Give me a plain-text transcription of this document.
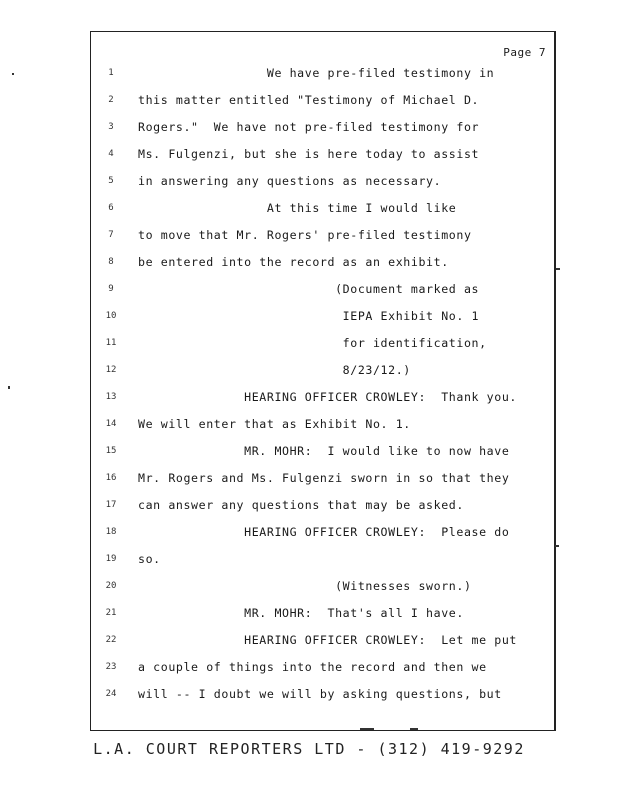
Page 7
1	We have pre-filed testimony in
2	this matter entitled "Testimony of Michael D.
3	Rogers."  We have not pre-filed testimony for
4	Ms. Fulgenzi, but she is here today to assist
5	in answering any questions as necessary.
6	At this time I would like
7	to move that Mr. Rogers' pre-filed testimony
8	be entered into the record as an exhibit.
9	(Document marked as
10	IEPA Exhibit No. 1
11	for identification,
12	8/23/12.)
13	HEARING OFFICER CROWLEY:  Thank you.
14	We will enter that as Exhibit No. 1.
15	MR. MOHR:  I would like to now have
16	Mr. Rogers and Ms. Fulgenzi sworn in so that they
17	can answer any questions that may be asked.
18	HEARING OFFICER CROWLEY:  Please do
19	so.
20	(Witnesses sworn.)
21	MR. MOHR:  That's all I have.
22	HEARING OFFICER CROWLEY:  Let me put
23	a couple of things into the record and then we
24	will -- I doubt we will by asking questions, but
L.A. COURT REPORTERS LTD - (312) 419-9292
